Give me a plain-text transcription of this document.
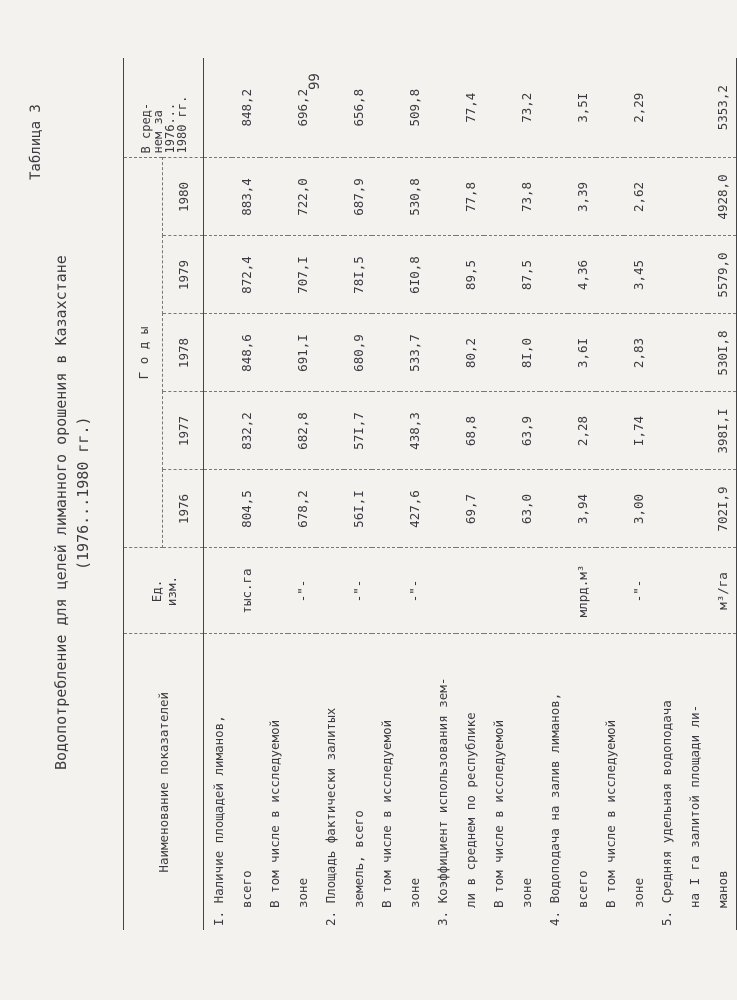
Водопотребление для целей лиманного орошения в Казахстане (1976...1980 гг.)
Таблица 3
99
Наименование показателей	Ед.
изм.	Г о д ы					В сред-
нем за
1976...
1980 гг.
		1976	1977	1978	1979	1980	
I. Наличие площадей лиманов,							
всего	тыс.га	804,5	832,2	848,6	872,4	883,4	848,2
В том числе в исследуемой							
зоне	-"-	678,2	682,8	691,I	707,I	722,0	696,2
2. Площадь фактически залитых							
земель, всего	-"-	56I,I	57I,7	680,9	78I,5	687,9	656,8
В том числе в исследуемой							
зоне	-"-	427,6	438,3	533,7	6I0,8	530,8	509,8
3. Коэффициент использования зем-							
ли в среднем по республике		69,7	68,8	80,2	89,5	77,8	77,4
В том числе в исследуемой							
зоне		63,0	63,9	8I,0	87,5	73,8	73,2
4. Водоподача на залив лиманов,							
всего	млрд.м³	3,94	2,28	3,6I	4,36	3,39	3,5I
В том числе в исследуемой							
зоне	-"-	3,00	I,74	2,83	3,45	2,62	2,29
5. Средняя удельная водоподача							
на I га залитой площади ли-							
манов	м³/га	702I,9	398I,I	530I,8	5579,0	4928,0	5353,2
